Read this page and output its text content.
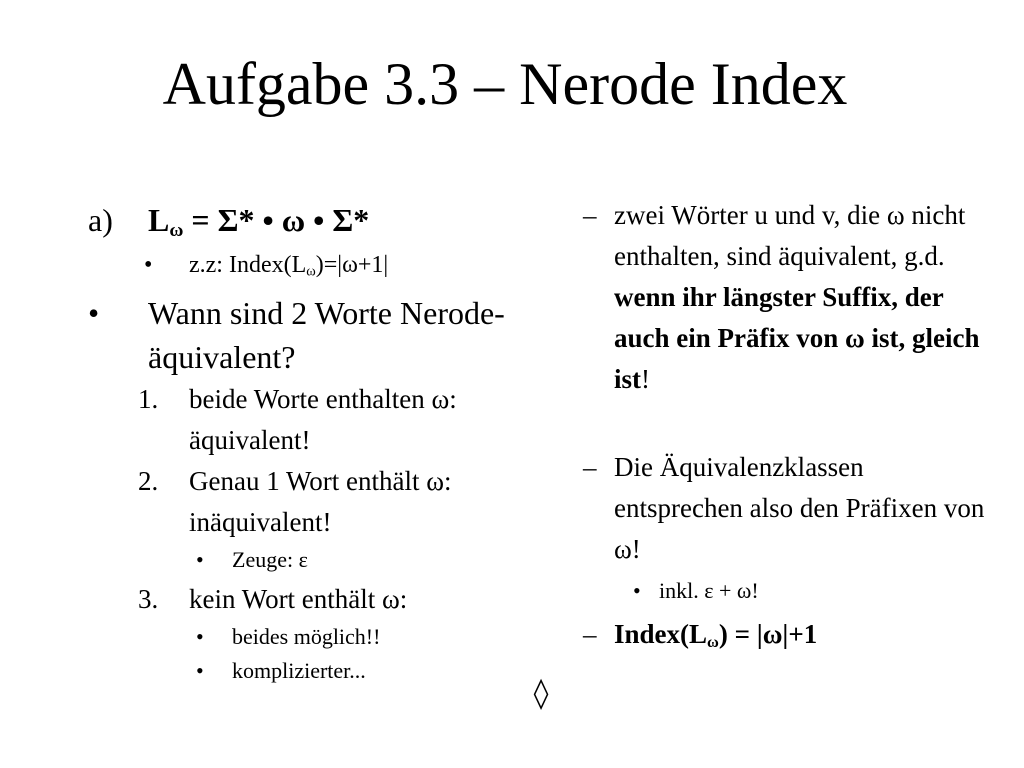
Aufgabe 3.3 – Nerode Index
a) $L_\omega = \Sigma*$ • ω • Σ*
• z.z: $Index(L_\omega)=|\omega+1|$
• Wann sind 2 Worte Nerode-äquivalent?
1. beide Worte enthalten ω: äquivalent!
2. Genau 1 Wort enthält ω: inäquivalent!
• Zeuge: ε
3. kein Wort enthält ω:
• beides möglich!!
• komplizierter...
– zwei Wörter u und v, die ω nicht enthalten, sind äquivalent, g.d. wenn ihr längster Suffix, der auch ein Präfix von ω ist, gleich ist!
– Die Äquivalenzklassen entsprechen also den Präfixen von ω!
• inkl. ε + ω!
– $Index(L_\omega) = |\omega|+1$
◊
